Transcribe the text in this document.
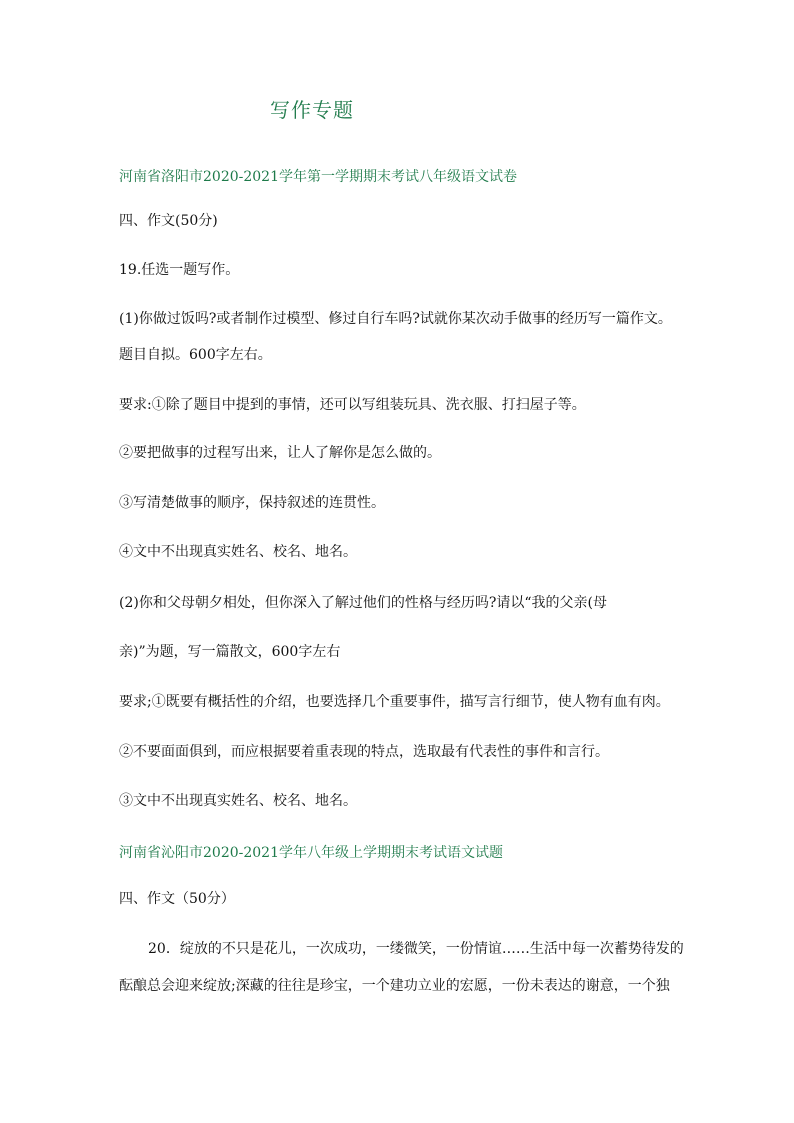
写作专题
河南省洛阳市2020-2021学年第一学期期末考试八年级语文试卷
四、作文(50分)
19.任选一题写作。
(1)你做过饭吗?或者制作过模型、修过自行车吗?试就你某次动手做事的经历写一篇作文。
题目自拟。600字左右。
要求:①除了题目中提到的事情，还可以写组装玩具、洗衣服、打扫屋子等。
②要把做事的过程写出来，让人了解你是怎么做的。
③写清楚做事的顺序，保持叙述的连贯性。
④文中不出现真实姓名、校名、地名。
(2)你和父母朝夕相处，但你深入了解过他们的性格与经历吗?请以“我的父亲(母
亲)”为题，写一篇散文，600字左右
要求;①既要有概括性的介绍，也要选择几个重要事件，描写言行细节，使人物有血有肉。
②不要面面俱到，而应根据要着重表现的特点，选取最有代表性的事件和言行。
③文中不出现真实姓名、校名、地名。
河南省沁阳市2020-2021学年八年级上学期期末考试语文试题
四、作文（50分）
20．绽放的不只是花儿，一次成功，一缕微笑，一份情谊……生活中每一次蓄势待发的
酝酿总会迎来绽放;深藏的往往是珍宝，一个建功立业的宏愿，一份未表达的谢意，一个独
